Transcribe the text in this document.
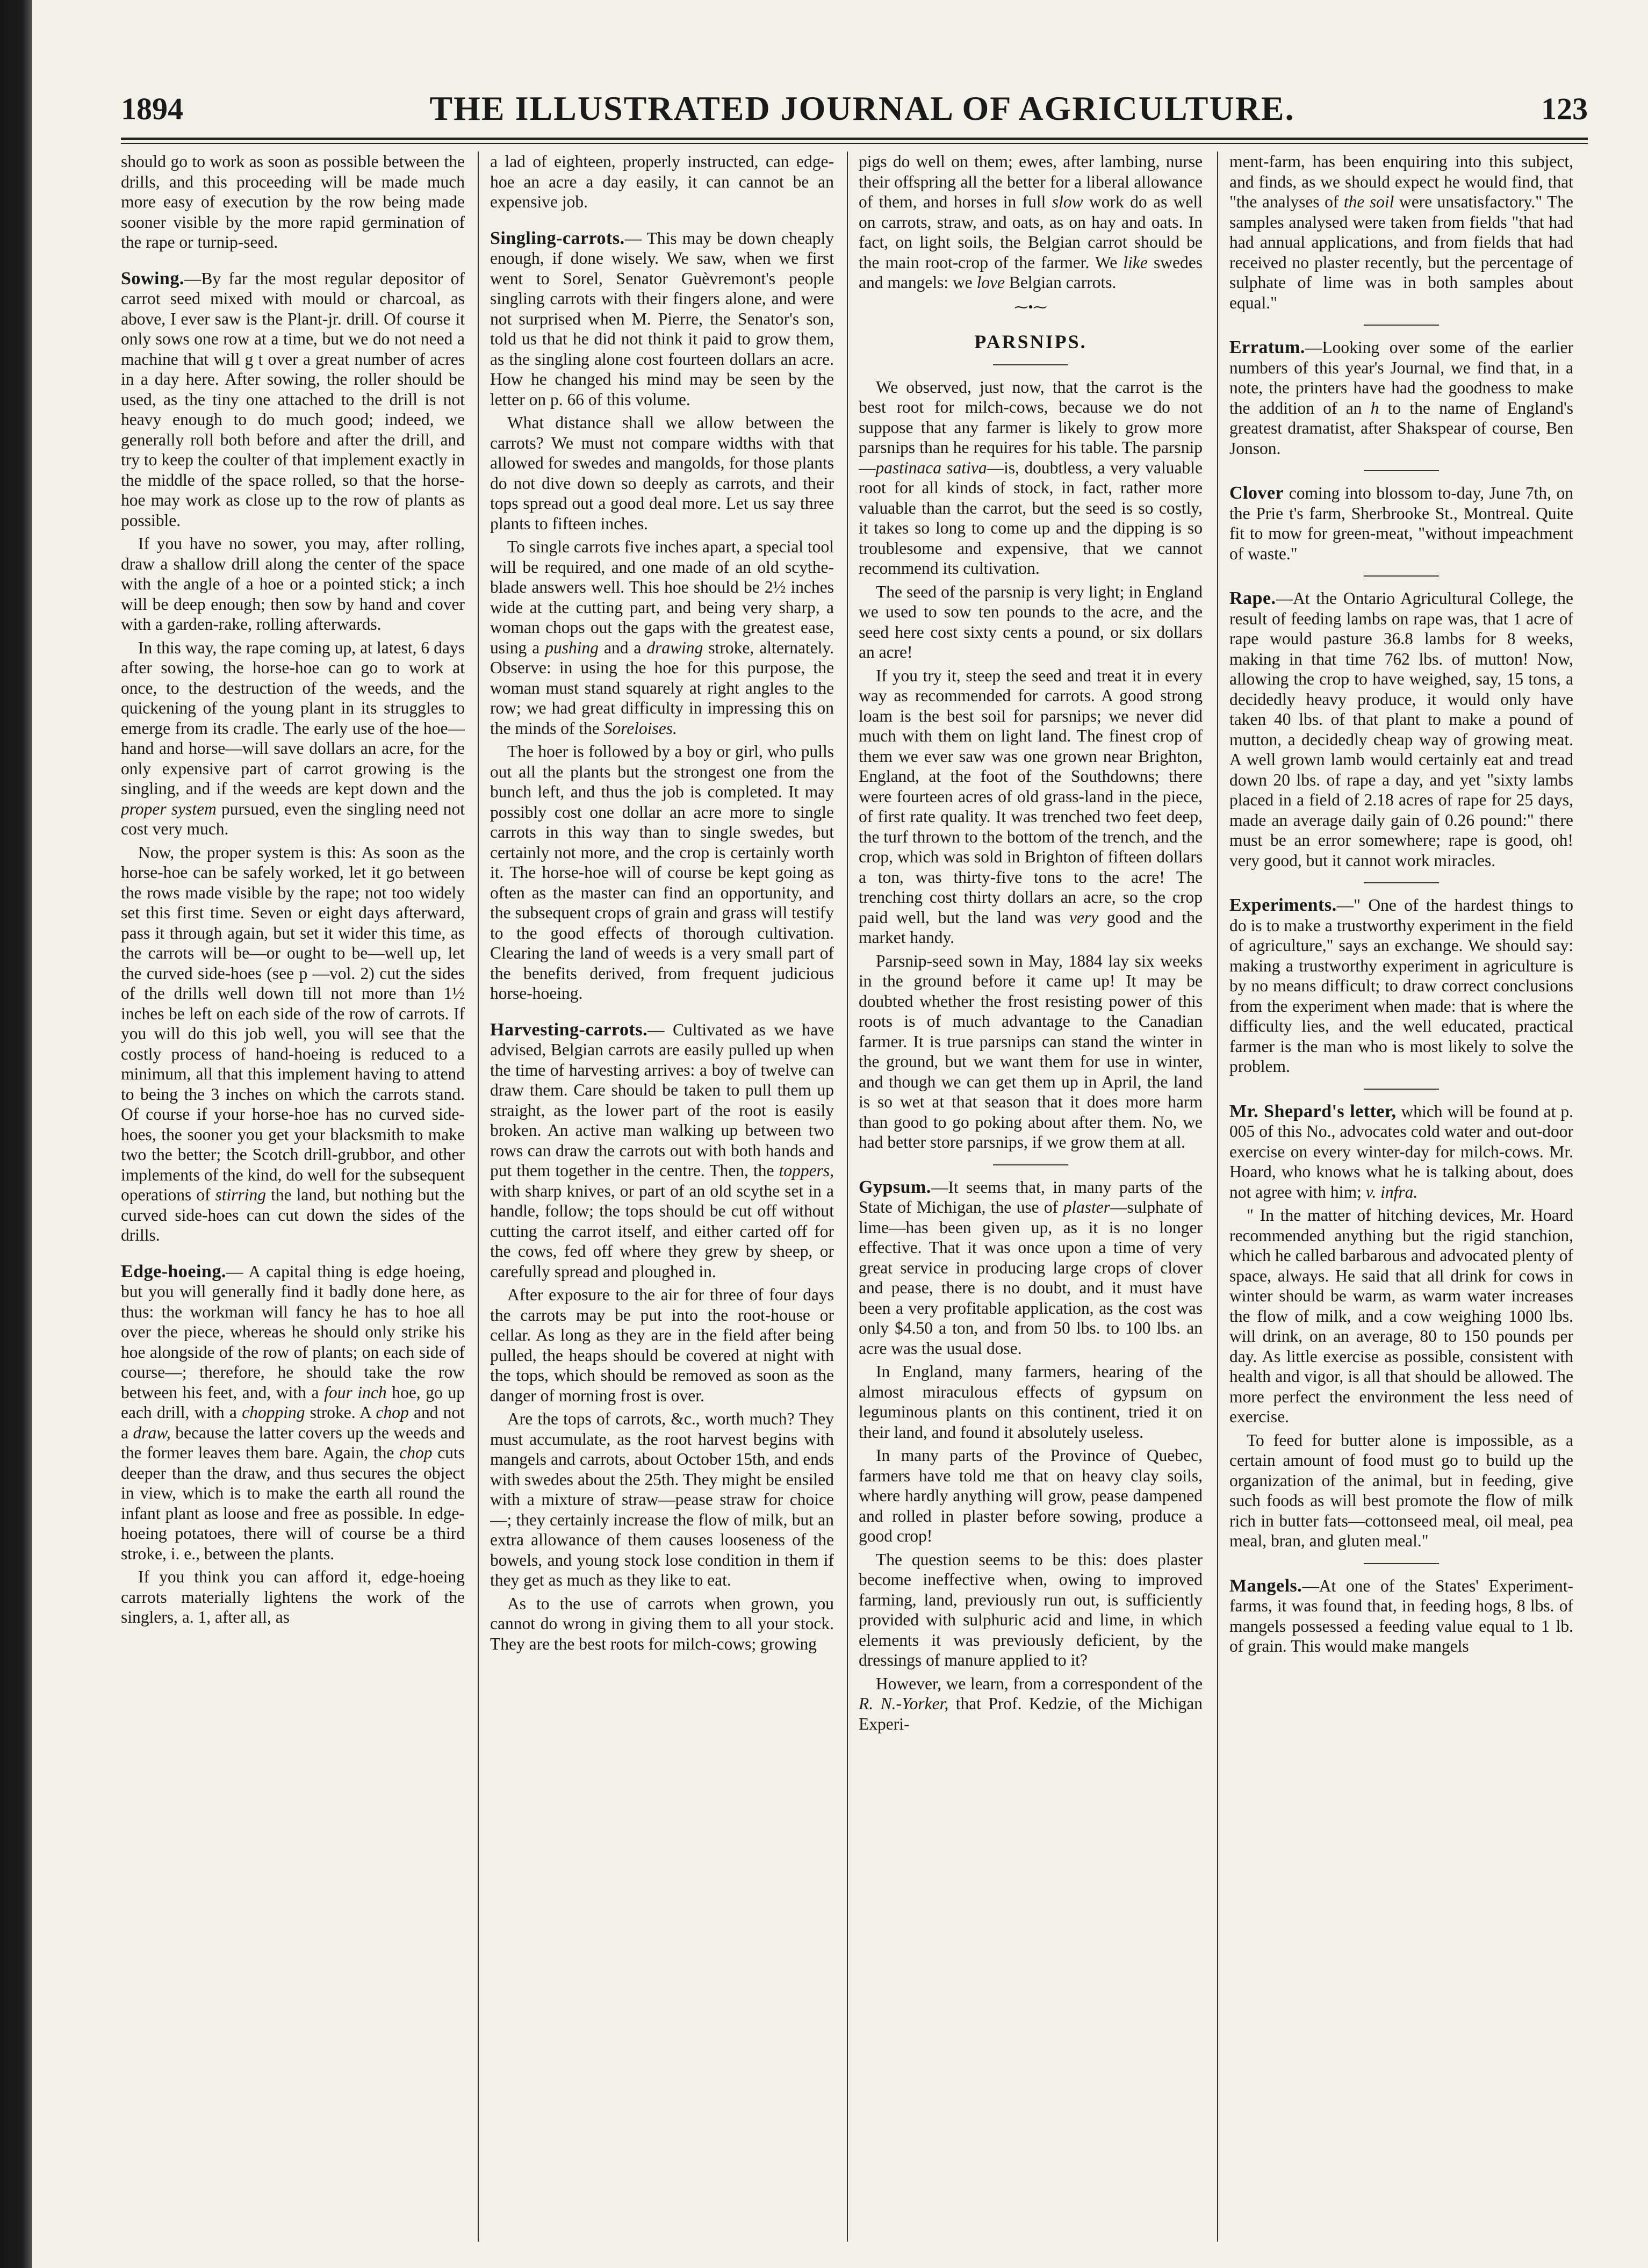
1894	THE ILLUSTRATED JOURNAL OF AGRICULTURE.	123

should go to work as soon as possible between the drills, and this proceeding will be made much more easy of execution by the row being made sooner visible by the more rapid germination of the rape or turnip-seed.

Sowing.—By far the most regular depositor of carrot seed mixed with mould or charcoal, as above, I ever saw is the Plant-jr. drill. Of course it only sows one row at a time, but we do not need a machine that will g t over a great number of acres in a day here. After sowing, the roller should be used, as the tiny one attached to the drill is not heavy enough to do much good; indeed, we generally roll both before and after the drill, and try to keep the coulter of that implement exactly in the middle of the space rolled, so that the horse-hoe may work as close up to the row of plants as possible.

If you have no sower, you may, after rolling, draw a shallow drill along the center of the space with the angle of a hoe or a pointed stick; a inch will be deep enough; then sow by hand and cover with a garden-rake, rolling afterwards.

In this way, the rape coming up, at latest, 6 days after sowing, the horse-hoe can go to work at once, to the destruction of the weeds, and the quickening of the young plant in its struggles to emerge from its cradle. The early use of the hoe—hand and horse—will save dollars an acre, for the only expensive part of carrot growing is the singling, and if the weeds are kept down and the proper system pursued, even the singling need not cost very much.

Now, the proper system is this: As soon as the horse-hoe can be safely worked, let it go between the rows made visible by the rape; not too widely set this first time. Seven or eight days afterward, pass it through again, but set it wider this time, as the carrots will be—or ought to be—well up, let the curved side-hoes (see p —vol. 2) cut the sides of the drills well down till not more than 1½ inches be left on each side of the row of carrots. If you will do this job well, you will see that the costly process of hand-hoeing is reduced to a minimum, all that this implement having to attend to being the 3 inches on which the carrots stand. Of course if your horse-hoe has no curved side-hoes, the sooner you get your blacksmith to make two the better; the Scotch drill-grubbor, and other implements of the kind, do well for the subsequent operations of stirring the land, but nothing but the curved side-hoes can cut down the sides of the drills.

Edge-hoeing.— A capital thing is edge hoeing, but you will generally find it badly done here, as thus: the workman will fancy he has to hoe all over the piece, whereas he should only strike his hoe alongside of the row of plants; on each side of course—; therefore, he should take the row between his feet, and, with a four inch hoe, go up each drill, with a chopping stroke. A chop and not a draw, because the latter covers up the weeds and the former leaves them bare. Again, the chop cuts deeper than the draw, and thus secures the object in view, which is to make the earth all round the infant plant as loose and free as possible. In edge-hoeing potatoes, there will of course be a third stroke, i. e., between the plants.

If you think you can afford it, edge-hoeing carrots materially lightens the work of the singlers, a. 1, after all, as

a lad of eighteen, properly instructed, can edge-hoe an acre a day easily, it can cannot be an expensive job.

Singling-carrots.— This may be down cheaply enough, if done wisely. We saw, when we first went to Sorel, Senator Guèvremont's people singling carrots with their fingers alone, and were not surprised when M. Pierre, the Senator's son, told us that he did not think it paid to grow them, as the singling alone cost fourteen dollars an acre. How he changed his mind may be seen by the letter on p. 66 of this volume.

What distance shall we allow between the carrots? We must not compare widths with that allowed for swedes and mangolds, for those plants do not dive down so deeply as carrots, and their tops spread out a good deal more. Let us say three plants to fifteen inches.

To single carrots five inches apart, a special tool will be required, and one made of an old scythe-blade answers well. This hoe should be 2½ inches wide at the cutting part, and being very sharp, a woman chops out the gaps with the greatest ease, using a pushing and a drawing stroke, alternately. Observe: in using the hoe for this purpose, the woman must stand squarely at right angles to the row; we had great difficulty in impressing this on the minds of the Soreloises.

The hoer is followed by a boy or girl, who pulls out all the plants but the strongest one from the bunch left, and thus the job is completed. It may possibly cost one dollar an acre more to single carrots in this way than to single swedes, but certainly not more, and the crop is certainly worth it. The horse-hoe will of course be kept going as often as the master can find an opportunity, and the subsequent crops of grain and grass will testify to the good effects of thorough cultivation. Clearing the land of weeds is a very small part of the benefits derived, from frequent judicious horse-hoeing.

Harvesting-carrots.— Cultivated as we have advised, Belgian carrots are easily pulled up when the time of harvesting arrives: a boy of twelve can draw them. Care should be taken to pull them up straight, as the lower part of the root is easily broken. An active man walking up between two rows can draw the carrots out with both hands and put them together in the centre. Then, the toppers, with sharp knives, or part of an old scythe set in a handle, follow; the tops should be cut off without cutting the carrot itself, and either carted off for the cows, fed off where they grew by sheep, or carefully spread and ploughed in.

After exposure to the air for three of four days the carrots may be put into the root-house or cellar. As long as they are in the field after being pulled, the heaps should be covered at night with the tops, which should be removed as soon as the danger of morning frost is over.

Are the tops of carrots, &c., worth much? They must accumulate, as the root harvest begins with mangels and carrots, about October 15th, and ends with swedes about the 25th. They might be ensiled with a mixture of straw—pease straw for choice—; they certainly increase the flow of milk, but an extra allowance of them causes looseness of the bowels, and young stock lose condition in them if they get as much as they like to eat.

As to the use of carrots when grown, you cannot do wrong in giving them to all your stock. They are the best roots for milch-cows; growing

pigs do well on them; ewes, after lambing, nurse their offspring all the better for a liberal allowance of them, and horses in full slow work do as well on carrots, straw, and oats, as on hay and oats. In fact, on light soils, the Belgian carrot should be the main root-crop of the farmer. We like swedes and mangels: we love Belgian carrots.

⁓•⁓
PARSNIPS.

We observed, just now, that the carrot is the best root for milch-cows, because we do not suppose that any farmer is likely to grow more parsnips than he requires for his table. The parsnip—pastinaca sativa—is, doubtless, a very valuable root for all kinds of stock, in fact, rather more valuable than the carrot, but the seed is so costly, it takes so long to come up and the dipping is so troublesome and expensive, that we cannot recommend its cultivation.

The seed of the parsnip is very light; in England we used to sow ten pounds to the acre, and the seed here cost sixty cents a pound, or six dollars an acre!

If you try it, steep the seed and treat it in every way as recommended for carrots. A good strong loam is the best soil for parsnips; we never did much with them on light land. The finest crop of them we ever saw was one grown near Brighton, England, at the foot of the Southdowns; there were fourteen acres of old grass-land in the piece, of first rate quality. It was trenched two feet deep, the turf thrown to the bottom of the trench, and the crop, which was sold in Brighton of fifteen dollars a ton, was thirty-five tons to the acre! The trenching cost thirty dollars an acre, so the crop paid well, but the land was very good and the market handy.

Parsnip-seed sown in May, 1884 lay six weeks in the ground before it came up! It may be doubted whether the frost resisting power of this roots is of much advantage to the Canadian farmer. It is true parsnips can stand the winter in the ground, but we want them for use in winter, and though we can get them up in April, the land is so wet at that season that it does more harm than good to go poking about after them. No, we had better store parsnips, if we grow them at all.

Gypsum.—It seems that, in many parts of the State of Michigan, the use of plaster—sulphate of lime—has been given up, as it is no longer effective. That it was once upon a time of very great service in producing large crops of clover and pease, there is no doubt, and it must have been a very profitable application, as the cost was only $4.50 a ton, and from 50 lbs. to 100 lbs. an acre was the usual dose.

In England, many farmers, hearing of the almost miraculous effects of gypsum on leguminous plants on this continent, tried it on their land, and found it absolutely useless.

In many parts of the Province of Quebec, farmers have told me that on heavy clay soils, where hardly anything will grow, pease dampened and rolled in plaster before sowing, produce a good crop!

The question seems to be this: does plaster become ineffective when, owing to improved farming, land, previously run out, is sufficiently provided with sulphuric acid and lime, in which elements it was previously deficient, by the dressings of manure applied to it?

However, we learn, from a correspondent of the R. N.-Yorker, that Prof. Kedzie, of the Michigan Experi-

ment-farm, has been enquiring into this subject, and finds, as we should expect he would find, that "the analyses of the soil were unsatisfactory." The samples analysed were taken from fields "that had had annual applications, and from fields that had received no plaster recently, but the percentage of sulphate of lime was in both samples about equal."

Erratum.—Looking over some of the earlier numbers of this year's Journal, we find that, in a note, the printers have had the goodness to make the addition of an h to the name of England's greatest dramatist, after Shakspear of course, Ben Jonson.

Clover coming into blossom to-day, June 7th, on the Prie t's farm, Sherbrooke St., Montreal. Quite fit to mow for green-meat, "without impeachment of waste."

Rape.—At the Ontario Agricultural College, the result of feeding lambs on rape was, that 1 acre of rape would pasture 36.8 lambs for 8 weeks, making in that time 762 lbs. of mutton! Now, allowing the crop to have weighed, say, 15 tons, a decidedly heavy produce, it would only have taken 40 lbs. of that plant to make a pound of mutton, a decidedly cheap way of growing meat. A well grown lamb would certainly eat and tread down 20 lbs. of rape a day, and yet "sixty lambs placed in a field of 2.18 acres of rape for 25 days, made an average daily gain of 0.26 pound:" there must be an error somewhere; rape is good, oh! very good, but it cannot work miracles.

Experiments.—" One of the hardest things to do is to make a trustworthy experiment in the field of agriculture," says an exchange. We should say: making a trustworthy experiment in agriculture is by no means difficult; to draw correct conclusions from the experiment when made: that is where the difficulty lies, and the well educated, practical farmer is the man who is most likely to solve the problem.

Mr. Shepard's letter, which will be found at p. 005 of this No., advocates cold water and out-door exercise on every winter-day for milch-cows. Mr. Hoard, who knows what he is talking about, does not agree with him; v. infra.

" In the matter of hitching devices, Mr. Hoard recommended anything but the rigid stanchion, which he called barbarous and advocated plenty of space, always. He said that all drink for cows in winter should be warm, as warm water increases the flow of milk, and a cow weighing 1000 lbs. will drink, on an average, 80 to 150 pounds per day. As little exercise as possible, consistent with health and vigor, is all that should be allowed. The more perfect the environment the less need of exercise.

To feed for butter alone is impossible, as a certain amount of food must go to build up the organization of the animal, but in feeding, give such foods as will best promote the flow of milk rich in butter fats—cottonseed meal, oil meal, pea meal, bran, and gluten meal."

Mangels.—At one of the States' Experiment-farms, it was found that, in feeding hogs, 8 lbs. of mangels possessed a feeding value equal to 1 lb. of grain. This would make mangels
